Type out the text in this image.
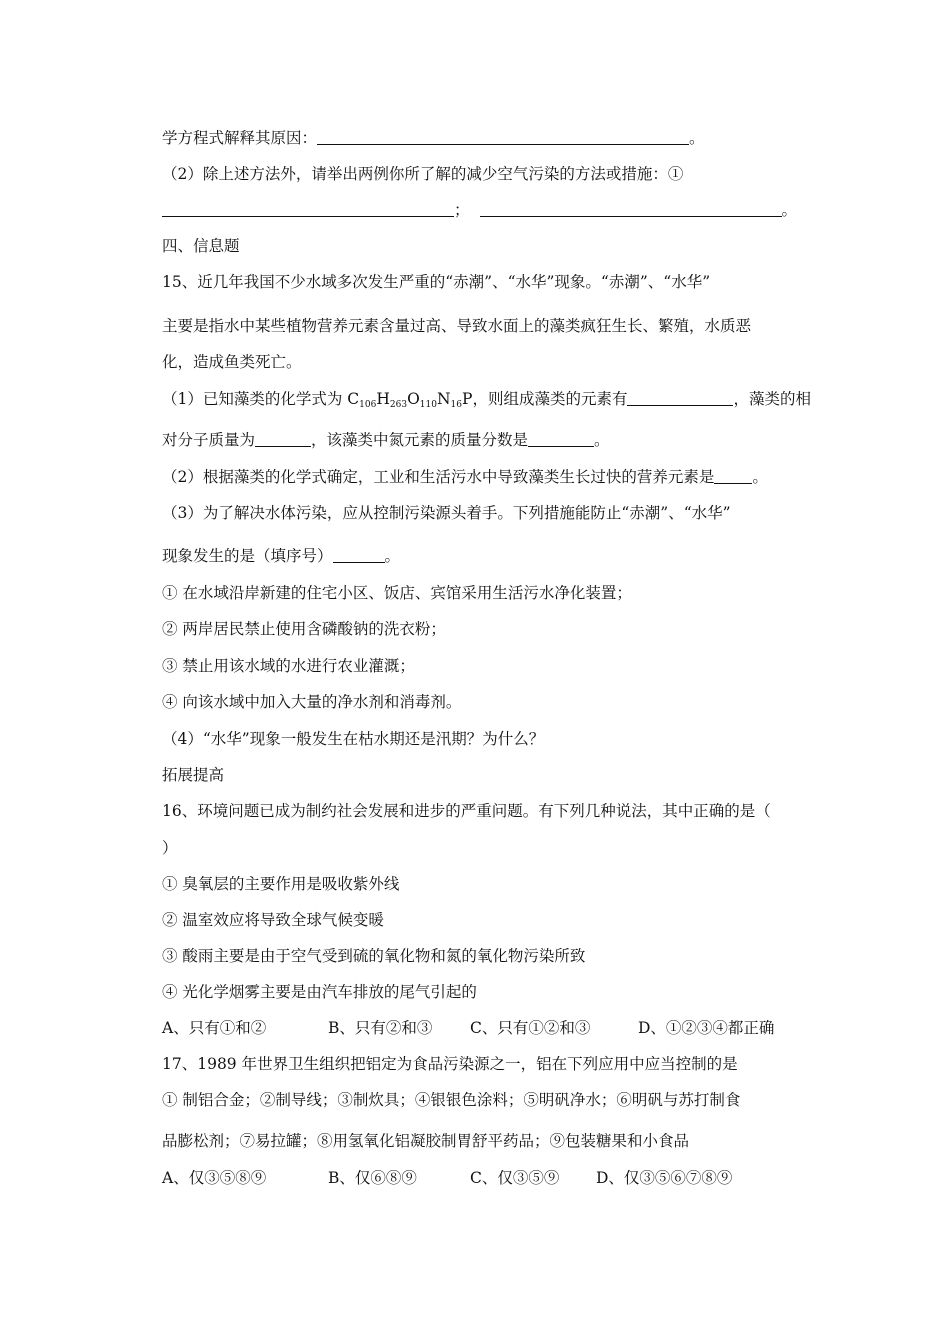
学方程式解释其原因：	。
（2）除上述方法外，请举出两例你所了解的减少空气污染的方法或措施：①
；	。
四、信息题
15、近几年我国不少水域多次发生严重的“赤潮”、“水华”现象。“赤潮”、“水华”
主要是指水中某些植物营养元素含量过高、导致水面上的藻类疯狂生长、繁殖，水质恶
化，造成鱼类死亡。
（1）已知藻类的化学式为 $C_{106}H_{263}O_{110}N_{16}P$，则组成藻类的元素有	，藻类的相
对分子质量为	，该藻类中氮元素的质量分数是	。
（2）根据藻类的化学式确定，工业和生活污水中导致藻类生长过快的营养元素是 。
（3）为了解决水体污染，应从控制污染源头着手。下列措施能防止“赤潮”、“水华”
现象发生的是（填序号）	。
① 在水域沿岸新建的住宅小区、饭店、宾馆采用生活污水净化装置；
② 两岸居民禁止使用含磷酸钠的洗衣粉；
③ 禁止用该水域的水进行农业灌溉；
④ 向该水域中加入大量的净水剂和消毒剂。
（4）“水华”现象一般发生在枯水期还是汛期？为什么？
拓展提高
16、环境问题已成为制约社会发展和进步的严重问题。有下列几种说法，其中正确的是（
）
① 臭氧层的主要作用是吸收紫外线
② 温室效应将导致全球气候变暖
③ 酸雨主要是由于空气受到硫的氧化物和氮的氧化物污染所致
④ 光化学烟雾主要是由汽车排放的尾气引起的
A、只有①和②	B、只有②和③ C、只有①②和③	D、①②③④都正确
17、1989 年世界卫生组织把铝定为食品污染源之一，铝在下列应用中应当控制的是
① 制铝合金；②制导线；③制炊具；④银银色涂料；⑤明矾净水；⑥明矾与苏打制食
品膨松剂；⑦易拉罐；⑧用氢氧化铝凝胶制胃舒平药品；⑨包装糖果和小食品
A、仅③⑤⑧⑨	B、仅⑥⑧⑨	C、仅③⑤⑨ D、仅③⑤⑥⑦⑧⑨
